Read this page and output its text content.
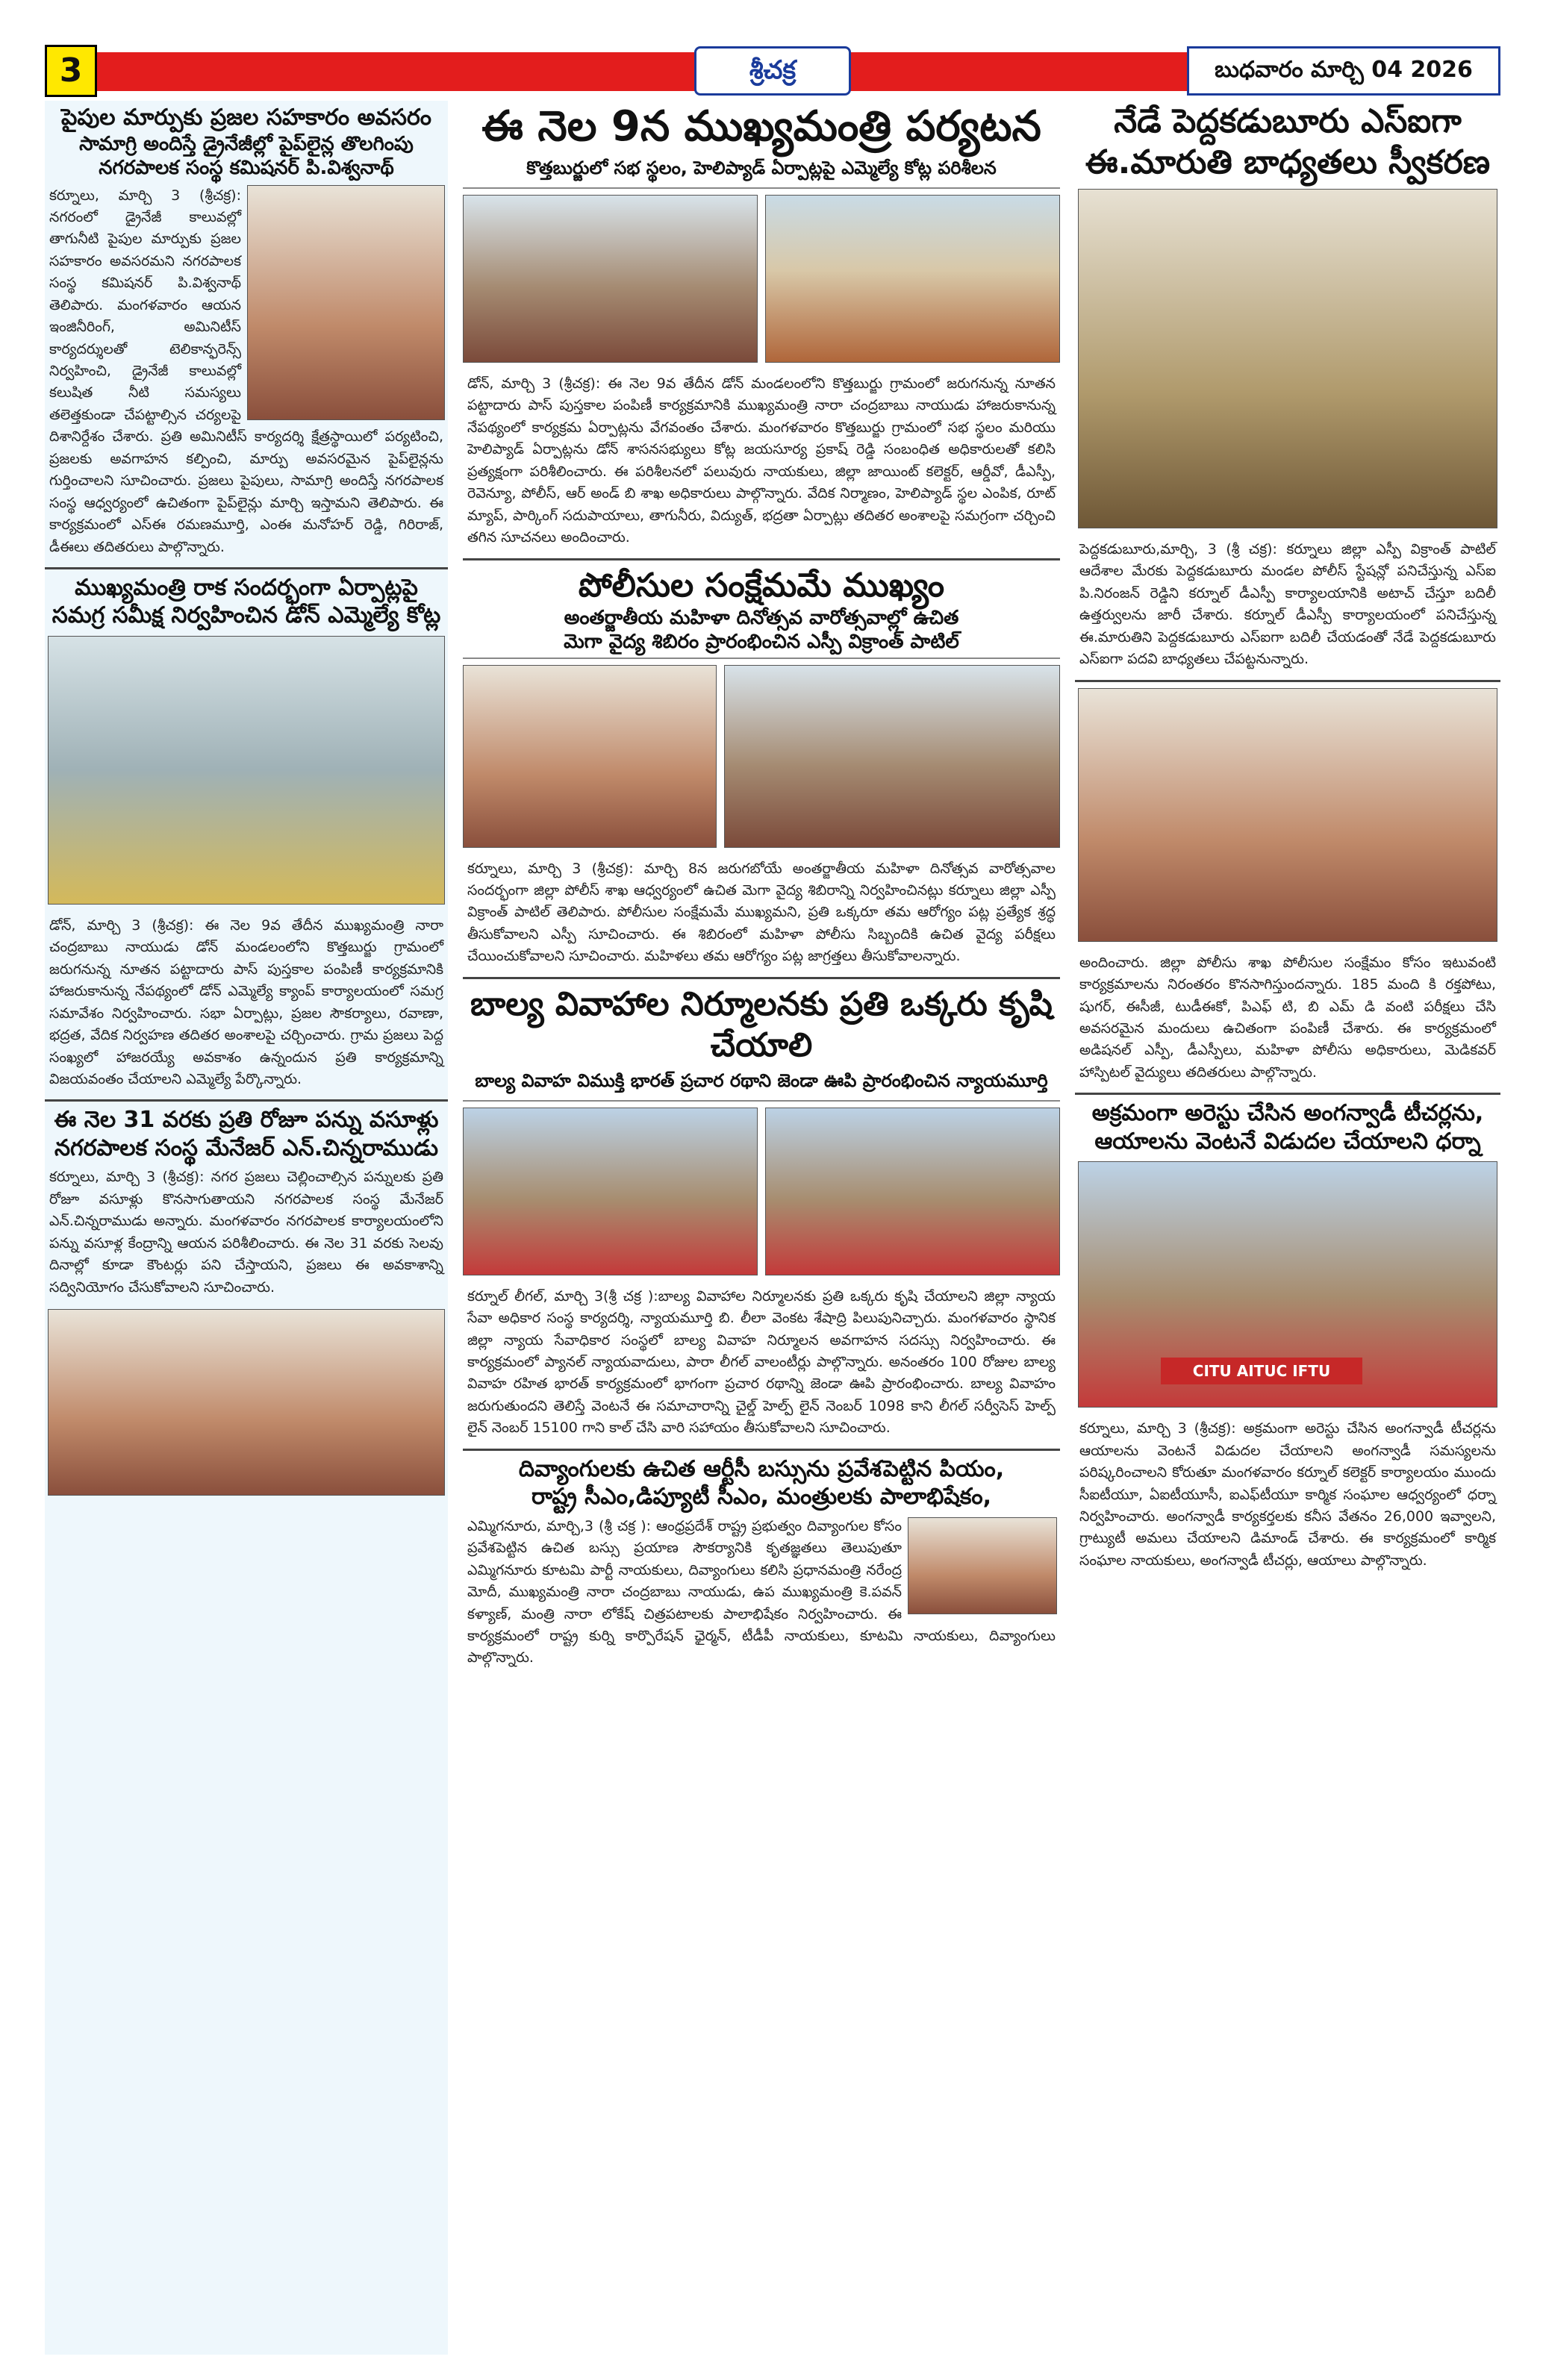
3	శ్రీచక్ర	బుధవారం మార్చి 04 2026
పైపుల మార్పుకు ప్రజల సహకారం అవసరం
సామాగ్రి అందిస్తే డ్రైనేజీల్లో పైప్‌లైన్ల తొలగింపు
నగరపాలక సంస్థ కమిషనర్ పి.విశ్వనాథ్
కర్నూలు, మార్చి 3 (శ్రీచక్ర): నగరంలో డ్రైనేజీ కాలువల్లో తాగునీటి పైపుల మార్పుకు ప్రజల సహకారం అవసరమని నగరపాలక సంస్థ కమిషనర్ పి.విశ్వనాథ్ తెలిపారు. మంగళవారం ఆయన ఇంజినీరింగ్, అమినిటీస్ కార్యదర్శులతో టెలికాన్ఫరెన్స్ నిర్వహించి, డ్రైనేజీ కాలువల్లో కలుషిత నీటి సమస్యలు తలెత్తకుండా చేపట్టాల్సిన చర్యలపై దిశానిర్దేశం చేశారు. ప్రతి అమినిటీస్ కార్యదర్శి క్షేత్రస్థాయిలో పర్యటించి, ప్రజలకు అవగాహన కల్పించి, మార్పు అవసరమైన పైప్‌లైన్లను గుర్తించాలని సూచించారు. ప్రజలు పైపులు, సామాగ్రి అందిస్తే నగరపాలక సంస్థ ఆధ్వర్యంలో ఉచితంగా పైప్‌లైన్లు మార్చి ఇస్తామని తెలిపారు. ఈ కార్యక్రమంలో ఎస్ఈ రమణమూర్తి, ఎంఈ మనోహర్ రెడ్డి, గిరిరాజ్, డీఈలు తదితరులు పాల్గొన్నారు.
ముఖ్యమంత్రి రాక సందర్భంగా ఏర్పాట్లపై సమగ్ర సమీక్ష నిర్వహించిన డోన్ ఎమ్మెల్యే కోట్ల
డోన్, మార్చి 3 (శ్రీచక్ర): ఈ నెల 9వ తేదీన ముఖ్యమంత్రి నారా చంద్రబాబు నాయుడు డోన్ మండలంలోని కొత్తబుర్జు గ్రామంలో జరుగనున్న నూతన పట్టాదారు పాస్ పుస్తకాల పంపిణీ కార్యక్రమానికి హాజరుకానున్న నేపథ్యంలో డోన్ ఎమ్మెల్యే క్యాంప్ కార్యాలయంలో సమగ్ర సమావేశం నిర్వహించారు. సభా ఏర్పాట్లు, ప్రజల సౌకర్యాలు, రవాణా, భద్రత, వేదిక నిర్వహణ తదితర అంశాలపై చర్చించారు. గ్రామ ప్రజలు పెద్ద సంఖ్యలో హాజరయ్యే అవకాశం ఉన్నందున ప్రతి కార్యక్రమాన్ని విజయవంతం చేయాలని ఎమ్మెల్యే పేర్కొన్నారు.
ఈ నెల 31 వరకు ప్రతి రోజూ పన్ను వసూళ్లు నగరపాలక సంస్థ మేనేజర్ ఎన్.చిన్నరాముడు
కర్నూలు, మార్చి 3 (శ్రీచక్ర): నగర ప్రజలు చెల్లించాల్సిన పన్నులకు ప్రతి రోజూ వసూళ్లు కొనసాగుతాయని నగరపాలక సంస్థ మేనేజర్ ఎన్.చిన్నరాముడు అన్నారు. మంగళవారం నగరపాలక కార్యాలయంలోని పన్ను వసూళ్ల కేంద్రాన్ని ఆయన పరిశీలించారు. ఈ నెల 31 వరకు సెలవు దినాల్లో కూడా కౌంటర్లు పని చేస్తాయని, ప్రజలు ఈ అవకాశాన్ని సద్వినియోగం చేసుకోవాలని సూచించారు.
ఈ నెల 9న ముఖ్యమంత్రి పర్యటన
కొత్తబుర్జులో సభ స్థలం, హెలిప్యాడ్ ఏర్పాట్లపై ఎమ్మెల్యే కోట్ల పరిశీలన
డోన్, మార్చి 3 (శ్రీచక్ర): ఈ నెల 9వ తేదీన డోన్ మండలంలోని కొత్తబుర్జు గ్రామంలో జరుగనున్న నూతన పట్టాదారు పాస్ పుస్తకాల పంపిణీ కార్యక్రమానికి ముఖ్యమంత్రి నారా చంద్రబాబు నాయుడు హాజరుకానున్న నేపథ్యంలో కార్యక్రమ ఏర్పాట్లను వేగవంతం చేశారు. మంగళవారం కొత్తబుర్జు గ్రామంలో సభ స్థలం మరియు హెలిప్యాడ్ ఏర్పాట్లను డోన్ శాసనసభ్యులు కోట్ల జయసూర్య ప్రకాష్ రెడ్డి సంబంధిత అధికారులతో కలిసి ప్రత్యక్షంగా పరిశీలించారు. ఈ పరిశీలనలో పలువురు నాయకులు, జిల్లా జాయింట్ కలెక్టర్, ఆర్డీవో, డీఎస్పీ, రెవెన్యూ, పోలీస్, ఆర్ అండ్ బి శాఖ అధికారులు పాల్గొన్నారు. వేదిక నిర్మాణం, హెలిప్యాడ్ స్థల ఎంపిక, రూట్ మ్యాప్, పార్కింగ్ సదుపాయాలు, తాగునీరు, విద్యుత్, భద్రతా ఏర్పాట్లు తదితర అంశాలపై సమగ్రంగా చర్చించి తగిన సూచనలు అందించారు.
పోలీసుల సంక్షేమమే ముఖ్యం
అంతర్జాతీయ మహిళా దినోత్సవ వారోత్సవాల్లో ఉచిత
మెగా వైద్య శిబిరం ప్రారంభించిన ఎస్పీ విక్రాంత్ పాటిల్
కర్నూలు, మార్చి 3 (శ్రీచక్ర): మార్చి 8న జరుగబోయే అంతర్జాతీయ మహిళా దినోత్సవ వారోత్సవాల సందర్భంగా జిల్లా పోలీస్ శాఖ ఆధ్వర్యంలో ఉచిత మెగా వైద్య శిబిరాన్ని నిర్వహించినట్లు కర్నూలు జిల్లా ఎస్పీ విక్రాంత్ పాటిల్ తెలిపారు. పోలీసుల సంక్షేమమే ముఖ్యమని, ప్రతి ఒక్కరూ తమ ఆరోగ్యం పట్ల ప్రత్యేక శ్రద్ధ తీసుకోవాలని ఎస్పీ సూచించారు. ఈ శిబిరంలో మహిళా పోలీసు సిబ్బందికి ఉచిత వైద్య పరీక్షలు చేయించుకోవాలని సూచించారు. మహిళలు తమ ఆరోగ్యం పట్ల జాగ్రత్తలు తీసుకోవాలన్నారు.
బాల్య వివాహాల నిర్మూలనకు ప్రతి ఒక్కరు కృషి చేయాలి
బాల్య వివాహ విముక్తి భారత్ ప్రచార రథాని జెండా ఊపి ప్రారంభించిన న్యాయమూర్తి
కర్నూల్ లీగల్, మార్చి 3(శ్రీ చక్ర ):బాల్య వివాహాల నిర్మూలనకు ప్రతి ఒక్కరు కృషి చేయాలని జిల్లా న్యాయ సేవా అధికార సంస్థ కార్యదర్శి, న్యాయమూర్తి బి. లీలా వెంకట శేషాద్రి పిలుపునిచ్చారు. మంగళవారం స్థానిక జిల్లా న్యాయ సేవాధికార సంస్థలో బాల్య వివాహ నిర్మూలన అవగాహన సదస్సు నిర్వహించారు. ఈ కార్యక్రమంలో ప్యానల్ న్యాయవాదులు, పారా లీగల్ వాలంటీర్లు పాల్గొన్నారు. అనంతరం 100 రోజుల బాల్య వివాహ రహిత భారత్ కార్యక్రమంలో భాగంగా ప్రచార రథాన్ని జెండా ఊపి ప్రారంభించారు. బాల్య వివాహం జరుగుతుందని తెలిస్తే వెంటనే ఈ సమాచారాన్ని చైల్డ్ హెల్ప్ లైన్ నెంబర్ 1098 కాని లీగల్ సర్వీసెస్ హెల్ప్ లైన్ నెంబర్ 15100 గాని కాల్ చేసి వారి సహాయం తీసుకోవాలని సూచించారు.
దివ్యాంగులకు ఉచిత ఆర్టీసీ బస్సును ప్రవేశపెట్టిన పియం,
రాష్ట్ర సీఎం,డిప్యూటీ సీఎం, మంత్రులకు పాలాభిషేకం,
ఎమ్మిగనూరు, మార్చి,3 (శ్రీ చక్ర ): ఆంధ్రప్రదేశ్ రాష్ట్ర ప్రభుత్వం దివ్యాంగుల కోసం ప్రవేశపెట్టిన ఉచిత బస్సు ప్రయాణ సౌకర్యానికి కృతజ్ఞతలు తెలుపుతూ ఎమ్మిగనూరు కూటమి పార్టీ నాయకులు, దివ్యాంగులు కలిసి ప్రధానమంత్రి నరేంద్ర మోదీ, ముఖ్యమంత్రి నారా చంద్రబాబు నాయుడు, ఉప ముఖ్యమంత్రి కె.పవన్ కళ్యాణ్, మంత్రి నారా లోకేష్ చిత్రపటాలకు పాలాభిషేకం నిర్వహించారు. ఈ కార్యక్రమంలో రాష్ట్ర కుర్ని కార్పొరేషన్ ఛైర్మన్, టీడీపీ నాయకులు, కూటమి నాయకులు, దివ్యాంగులు పాల్గొన్నారు.
నేడే పెద్దకడుబూరు ఎస్ఐగా ఈ.మారుతి బాధ్యతలు స్వీకరణ
పెద్దకడుబూరు,మార్చి, 3 (శ్రీ చక్ర): కర్నూలు జిల్లా ఎస్పీ విక్రాంత్ పాటిల్ ఆదేశాల మేరకు పెద్దకడుబూరు మండల పోలీస్ స్టేషన్లో పనిచేస్తున్న ఎస్ఐ పి.నిరంజన్ రెడ్డిని కర్నూల్ డీఎస్పీ కార్యాలయానికి అటాచ్ చేస్తూ బదిలీ ఉత్తర్వులను జారీ చేశారు. కర్నూల్ డీఎస్పీ కార్యాలయంలో పనిచేస్తున్న ఈ.మారుతిని పెద్దకడుబూరు ఎస్ఐగా బదిలీ చేయడంతో నేడే పెద్దకడుబూరు ఎస్ఐగా పదవి బాధ్యతలు చేపట్టనున్నారు.
అందించారు. జిల్లా పోలీసు శాఖ పోలీసుల సంక్షేమం కోసం ఇటువంటి కార్యక్రమాలను నిరంతరం కొనసాగిస్తుందన్నారు. 185 మంది కి రక్తపోటు, షుగర్, ఈసీజీ, టుడీఈకో, పిఎఫ్ టి, బి ఎమ్ డి వంటి పరీక్షలు చేసి అవసరమైన మందులు ఉచితంగా పంపిణీ చేశారు. ఈ కార్యక్రమంలో అడిషనల్ ఎస్పీ, డీఎస్పీలు, మహిళా పోలీసు అధికారులు, మెడికవర్ హాస్పిటల్ వైద్యులు తదితరులు పాల్గొన్నారు.
అక్రమంగా అరెస్టు చేసిన అంగన్వాడీ టీచర్లను, ఆయాలను వెంటనే విడుదల చేయాలని ధర్నా
CITU AITUC IFTU
కర్నూలు, మార్చి 3 (శ్రీచక్ర): అక్రమంగా అరెస్టు చేసిన అంగన్వాడీ టీచర్లను ఆయాలను వెంటనే విడుదల చేయాలని అంగన్వాడీ సమస్యలను పరిష్కరించాలని కోరుతూ మంగళవారం కర్నూల్ కలెక్టర్ కార్యాలయం ముందు సీఐటీయూ, ఏఐటీయూసీ, ఐఎఫ్‌టీయూ కార్మిక సంఘాల ఆధ్వర్యంలో ధర్నా నిర్వహించారు. అంగన్వాడీ కార్యకర్తలకు కనీస వేతనం 26,000 ఇవ్వాలని, గ్రాట్యుటీ అమలు చేయాలని డిమాండ్ చేశారు. ఈ కార్యక్రమంలో కార్మిక సంఘాల నాయకులు, అంగన్వాడీ టీచర్లు, ఆయాలు పాల్గొన్నారు.
